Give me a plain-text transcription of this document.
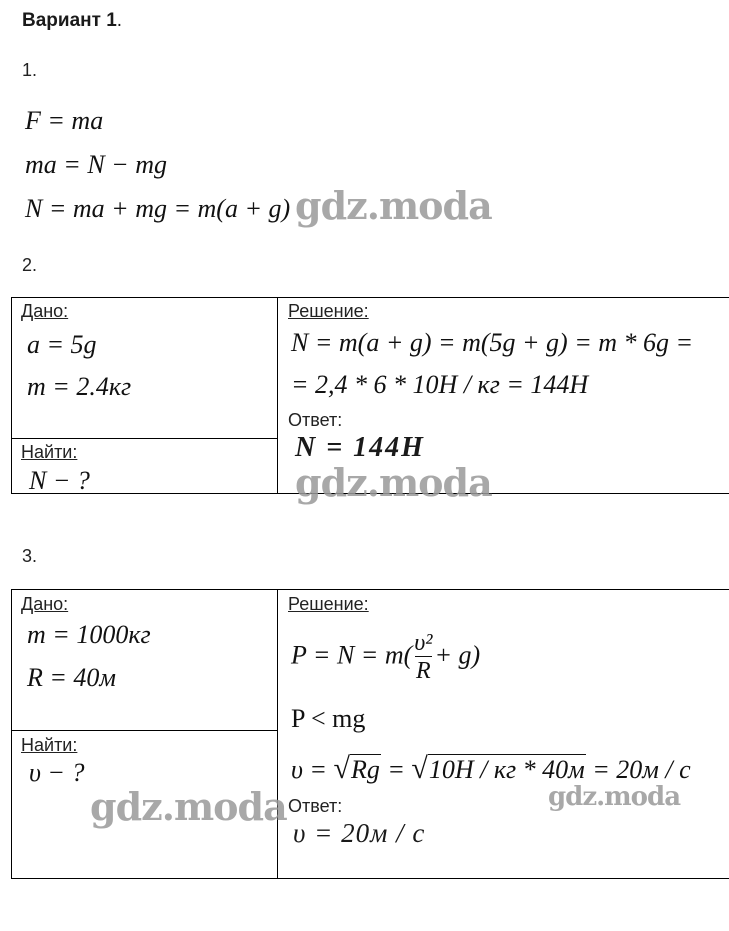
Вариант 1.
1.
F = ma
ma = N − mg
N = ma + mg = m(a + g) gdz.moda
2.
Дано:
a = 5g
m = 2.4кг
Найти:
N − ?
Решение:
N = m(a + g) = m(5g + g) = m * 6g =
= 2,4 * 6 * 10H / кг = 144H
Ответ:
N = 144H
gdz.moda
3.
Дано:
m = 1000кг
R = 40м
Найти:
υ − ?
Решение:
$P = N = m( \frac{\text{υ²}}{R} + g)$
P < mg
υ = √Rg = √10H / кг * 40м = 20м / с
Ответ:
υ = 20м / с
gdz.moda	gdz.moda
